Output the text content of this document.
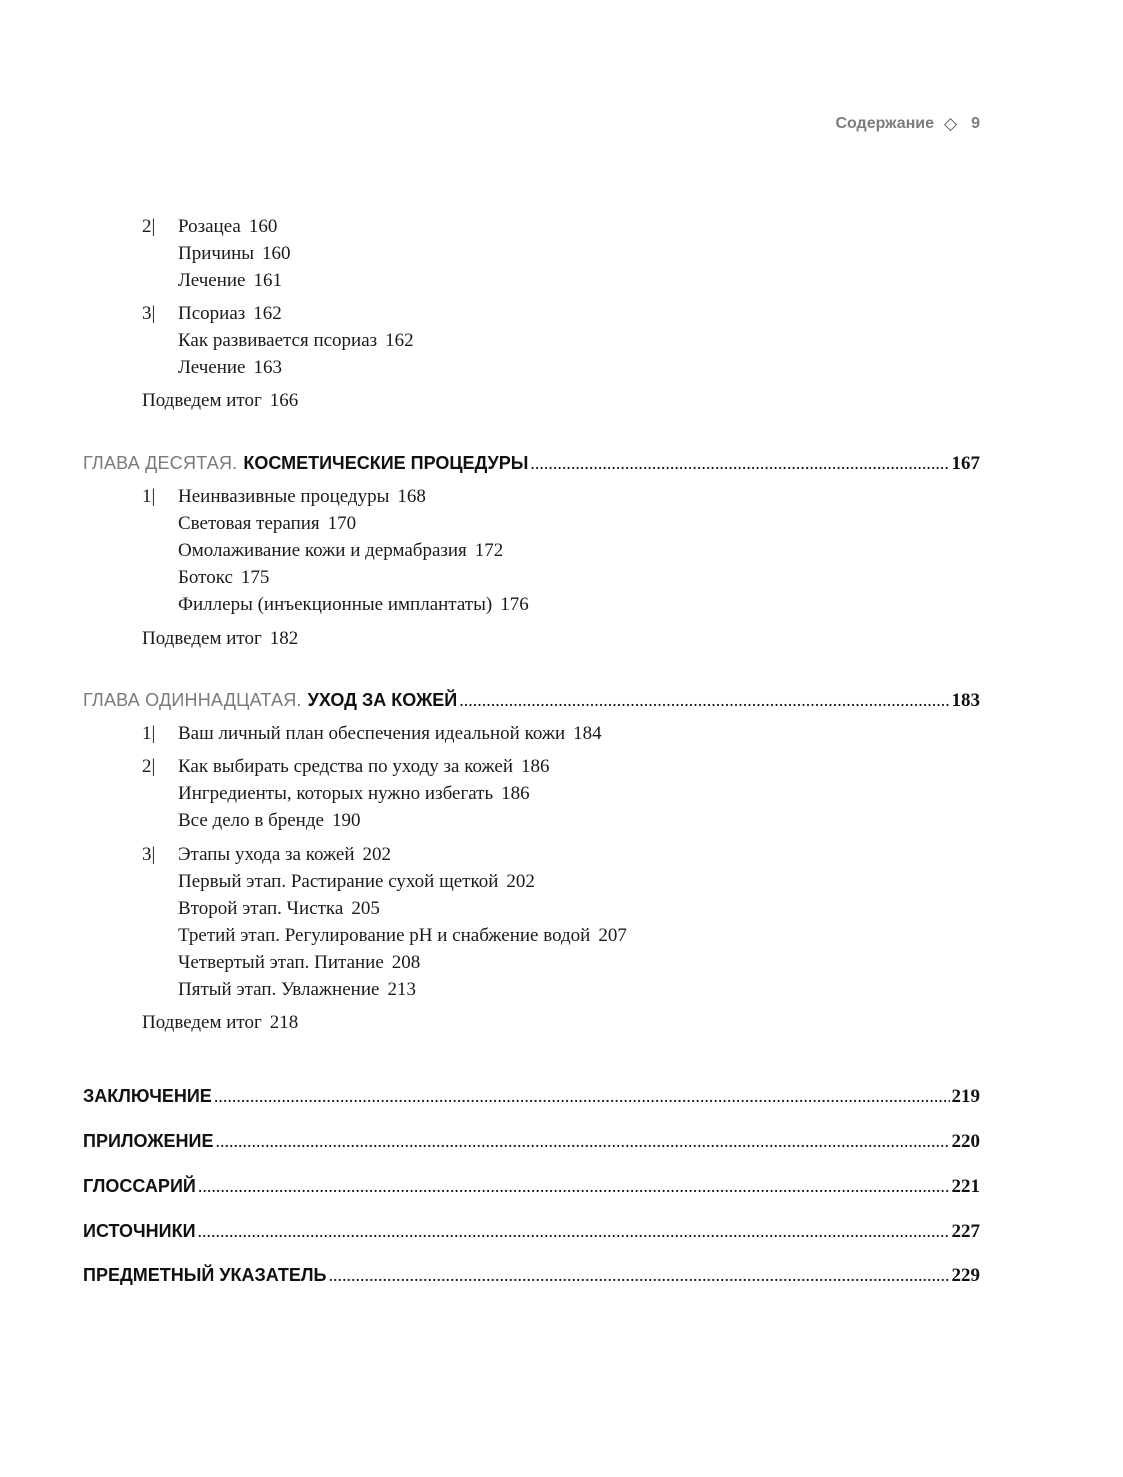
Содержание ◇ 9
2| Розацеа 160
Причины 160
Лечение 161
3| Псориаз 162
Как развивается псориаз 162
Лечение 163
Подведем итог 166
ГЛАВА ДЕСЯТАЯ. КОСМЕТИЧЕСКИЕ ПРОЦЕДУРЫ .....	167
1| Неинвазивные процедуры 168
Световая терапия 170
Омолаживание кожи и дермабразия 172
Ботокс 175
Филлеры (инъекционные имплантаты) 176
Подведем итог 182
ГЛАВА ОДИННАДЦАТАЯ. УХОД ЗА КОЖЕЙ .....	183
1| Ваш личный план обеспечения идеальной кожи 184
2| Как выбирать средства по уходу за кожей 186
Ингредиенты, которых нужно избегать 186
Все дело в бренде 190
3| Этапы ухода за кожей 202
Первый этап. Растирание сухой щеткой 202
Второй этап. Чистка 205
Третий этап. Регулирование pH и снабжение водой 207
Четвертый этап. Питание 208
Пятый этап. Увлажнение 213
Подведем итог 218
ЗАКЛЮЧЕНИЕ .....	219
ПРИЛОЖЕНИЕ .....	220
ГЛОССАРИЙ .....	221
ИСТОЧНИКИ .....	227
ПРЕДМЕТНЫЙ УКАЗАТЕЛЬ .....	229
